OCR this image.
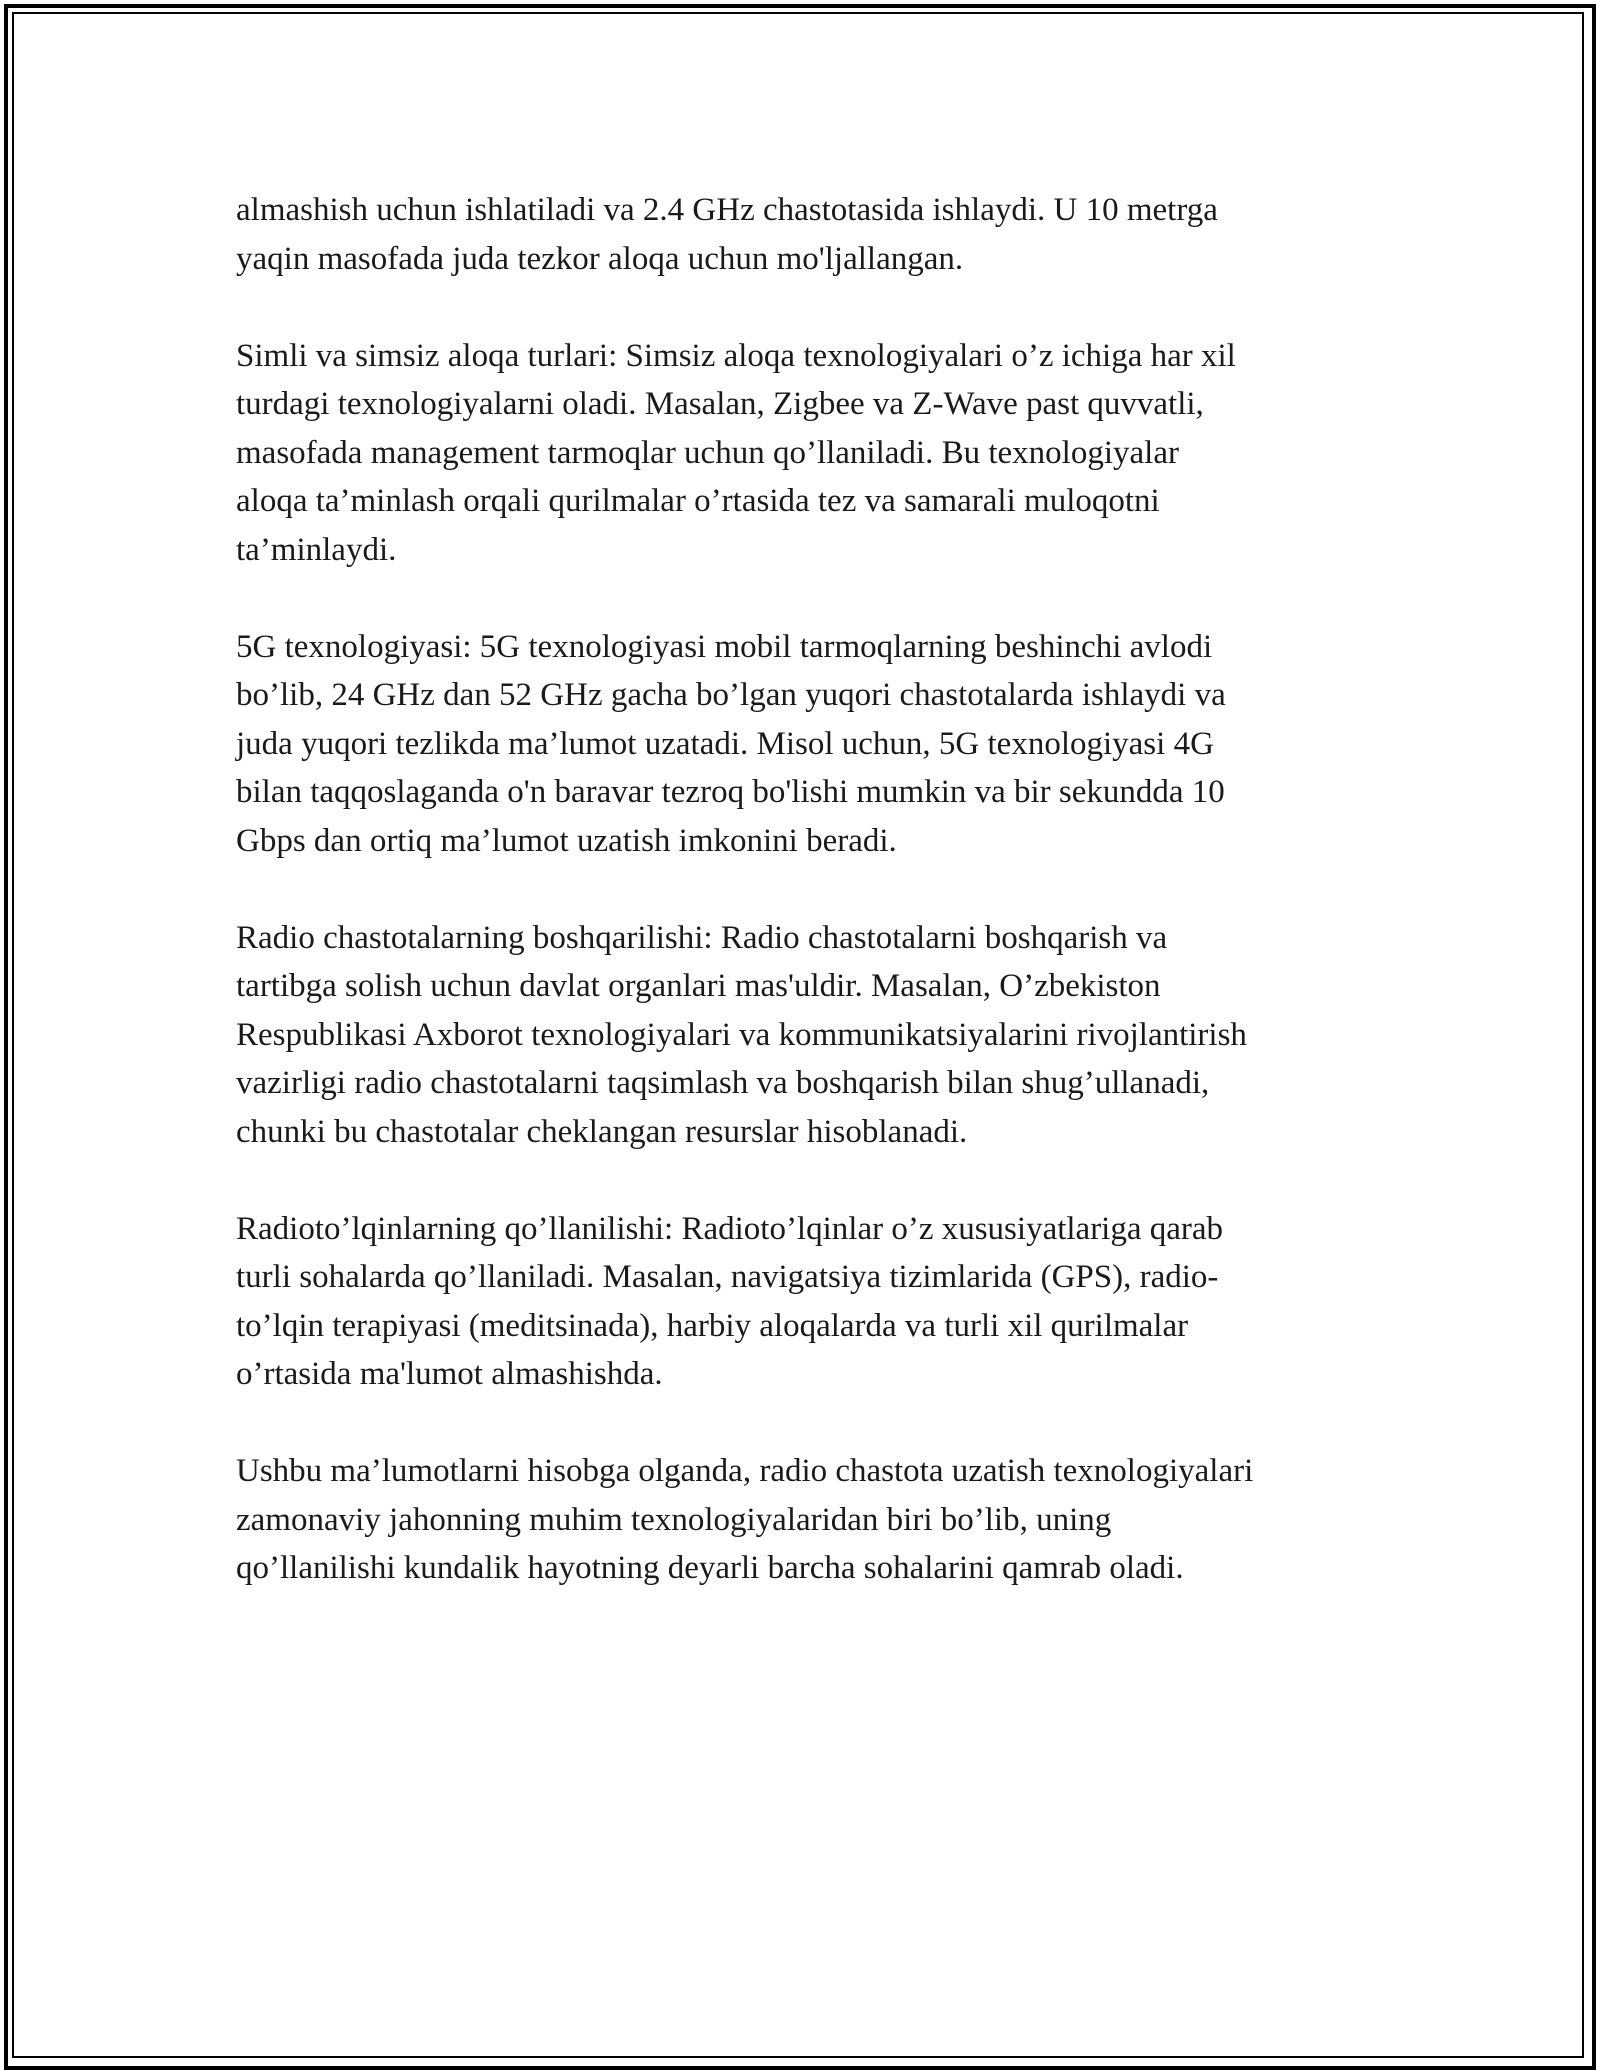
almashish uchun ishlatiladi va 2.4 GHz chastotasida ishlaydi. U 10 metrga
yaqin masofada juda tezkor aloqa uchun mo'ljallangan.

Simli va simsiz aloqa turlari: Simsiz aloqa texnologiyalari o’z ichiga har xil
turdagi texnologiyalarni oladi. Masalan, Zigbee va Z-Wave past quvvatli,
masofada management tarmoqlar uchun qo’llaniladi. Bu texnologiyalar
aloqa ta’minlash orqali qurilmalar o’rtasida tez va samarali muloqotni
ta’minlaydi.

5G texnologiyasi: 5G texnologiyasi mobil tarmoqlarning beshinchi avlodi
bo’lib, 24 GHz dan 52 GHz gacha bo’lgan yuqori chastotalarda ishlaydi va
juda yuqori tezlikda ma’lumot uzatadi. Misol uchun, 5G texnologiyasi 4G
bilan taqqoslaganda o'n baravar tezroq bo'lishi mumkin va bir sekundda 10
Gbps dan ortiq ma’lumot uzatish imkonini beradi.

Radio chastotalarning boshqarilishi: Radio chastotalarni boshqarish va
tartibga solish uchun davlat organlari mas'uldir. Masalan, O’zbekiston
Respublikasi Axborot texnologiyalari va kommunikatsiyalarini rivojlantirish
vazirligi radio chastotalarni taqsimlash va boshqarish bilan shug’ullanadi,
chunki bu chastotalar cheklangan resurslar hisoblanadi.

Radioto’lqinlarning qo’llanilishi: Radioto’lqinlar o’z xususiyatlariga qarab
turli sohalarda qo’llaniladi. Masalan, navigatsiya tizimlarida (GPS), radio-
to’lqin terapiyasi (meditsinada), harbiy aloqalarda va turli xil qurilmalar
o’rtasida ma'lumot almashishda.

Ushbu ma’lumotlarni hisobga olganda, radio chastota uzatish texnologiyalari
zamonaviy jahonning muhim texnologiyalaridan biri bo’lib, uning
qo’llanilishi kundalik hayotning deyarli barcha sohalarini qamrab oladi.
